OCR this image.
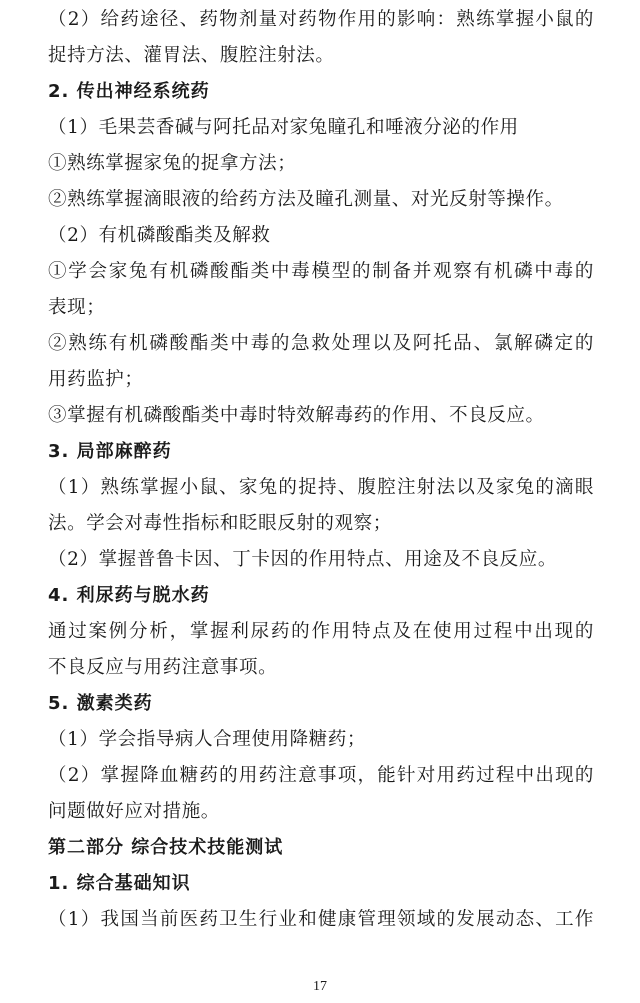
（2）给药途径、药物剂量对药物作用的影响：熟练掌握小鼠的
捉持方法、灌胃法、腹腔注射法。
2. 传出神经系统药
（1）毛果芸香碱与阿托品对家兔瞳孔和唾液分泌的作用
①熟练掌握家兔的捉拿方法；
②熟练掌握滴眼液的给药方法及瞳孔测量、对光反射等操作。
（2）有机磷酸酯类及解救
①学会家兔有机磷酸酯类中毒模型的制备并观察有机磷中毒的
表现；
②熟练有机磷酸酯类中毒的急救处理以及阿托品、氯解磷定的
用药监护；
③掌握有机磷酸酯类中毒时特效解毒药的作用、不良反应。
3. 局部麻醉药
（1）熟练掌握小鼠、家兔的捉持、腹腔注射法以及家兔的滴眼
法。学会对毒性指标和眨眼反射的观察；
（2）掌握普鲁卡因、丁卡因的作用特点、用途及不良反应。
4. 利尿药与脱水药
通过案例分析，掌握利尿药的作用特点及在使用过程中出现的
不良反应与用药注意事项。
5. 激素类药
（1）学会指导病人合理使用降糖药；
（2）掌握降血糖药的用药注意事项，能针对用药过程中出现的
问题做好应对措施。
第二部分 综合技术技能测试
1. 综合基础知识
（1）我国当前医药卫生行业和健康管理领域的发展动态、工作
17
